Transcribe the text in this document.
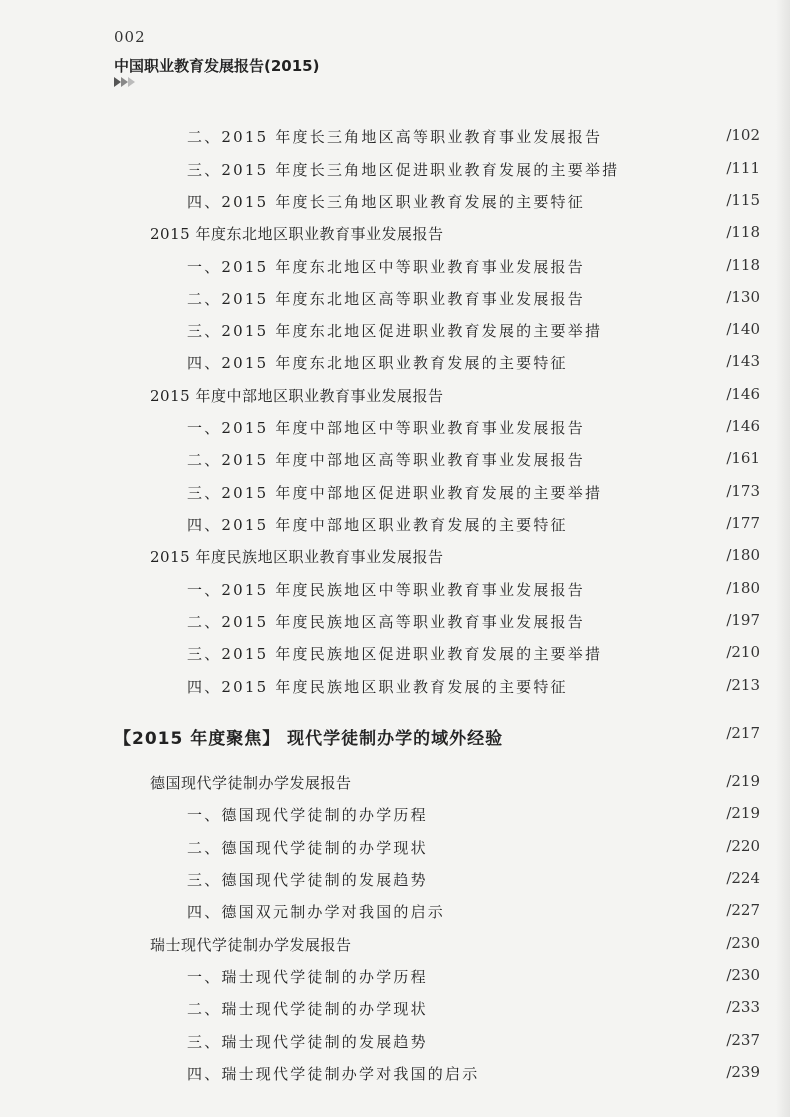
002
中国职业教育发展报告(2015)
二、2015 年度长三角地区高等职业教育事业发展报告	/102
三、2015 年度长三角地区促进职业教育发展的主要举措	/111
四、2015 年度长三角地区职业教育发展的主要特征	/115
2015 年度东北地区职业教育事业发展报告	/118
一、2015 年度东北地区中等职业教育事业发展报告	/118
二、2015 年度东北地区高等职业教育事业发展报告	/130
三、2015 年度东北地区促进职业教育发展的主要举措	/140
四、2015 年度东北地区职业教育发展的主要特征	/143
2015 年度中部地区职业教育事业发展报告	/146
一、2015 年度中部地区中等职业教育事业发展报告	/146
二、2015 年度中部地区高等职业教育事业发展报告	/161
三、2015 年度中部地区促进职业教育发展的主要举措	/173
四、2015 年度中部地区职业教育发展的主要特征	/177
2015 年度民族地区职业教育事业发展报告	/180
一、2015 年度民族地区中等职业教育事业发展报告	/180
二、2015 年度民族地区高等职业教育事业发展报告	/197
三、2015 年度民族地区促进职业教育发展的主要举措	/210
四、2015 年度民族地区职业教育发展的主要特征	/213
【2015 年度聚焦】 现代学徒制办学的域外经验	/217
德国现代学徒制办学发展报告	/219
一、德国现代学徒制的办学历程	/219
二、德国现代学徒制的办学现状	/220
三、德国现代学徒制的发展趋势	/224
四、德国双元制办学对我国的启示	/227
瑞士现代学徒制办学发展报告	/230
一、瑞士现代学徒制的办学历程	/230
二、瑞士现代学徒制的办学现状	/233
三、瑞士现代学徒制的发展趋势	/237
四、瑞士现代学徒制办学对我国的启示	/239
